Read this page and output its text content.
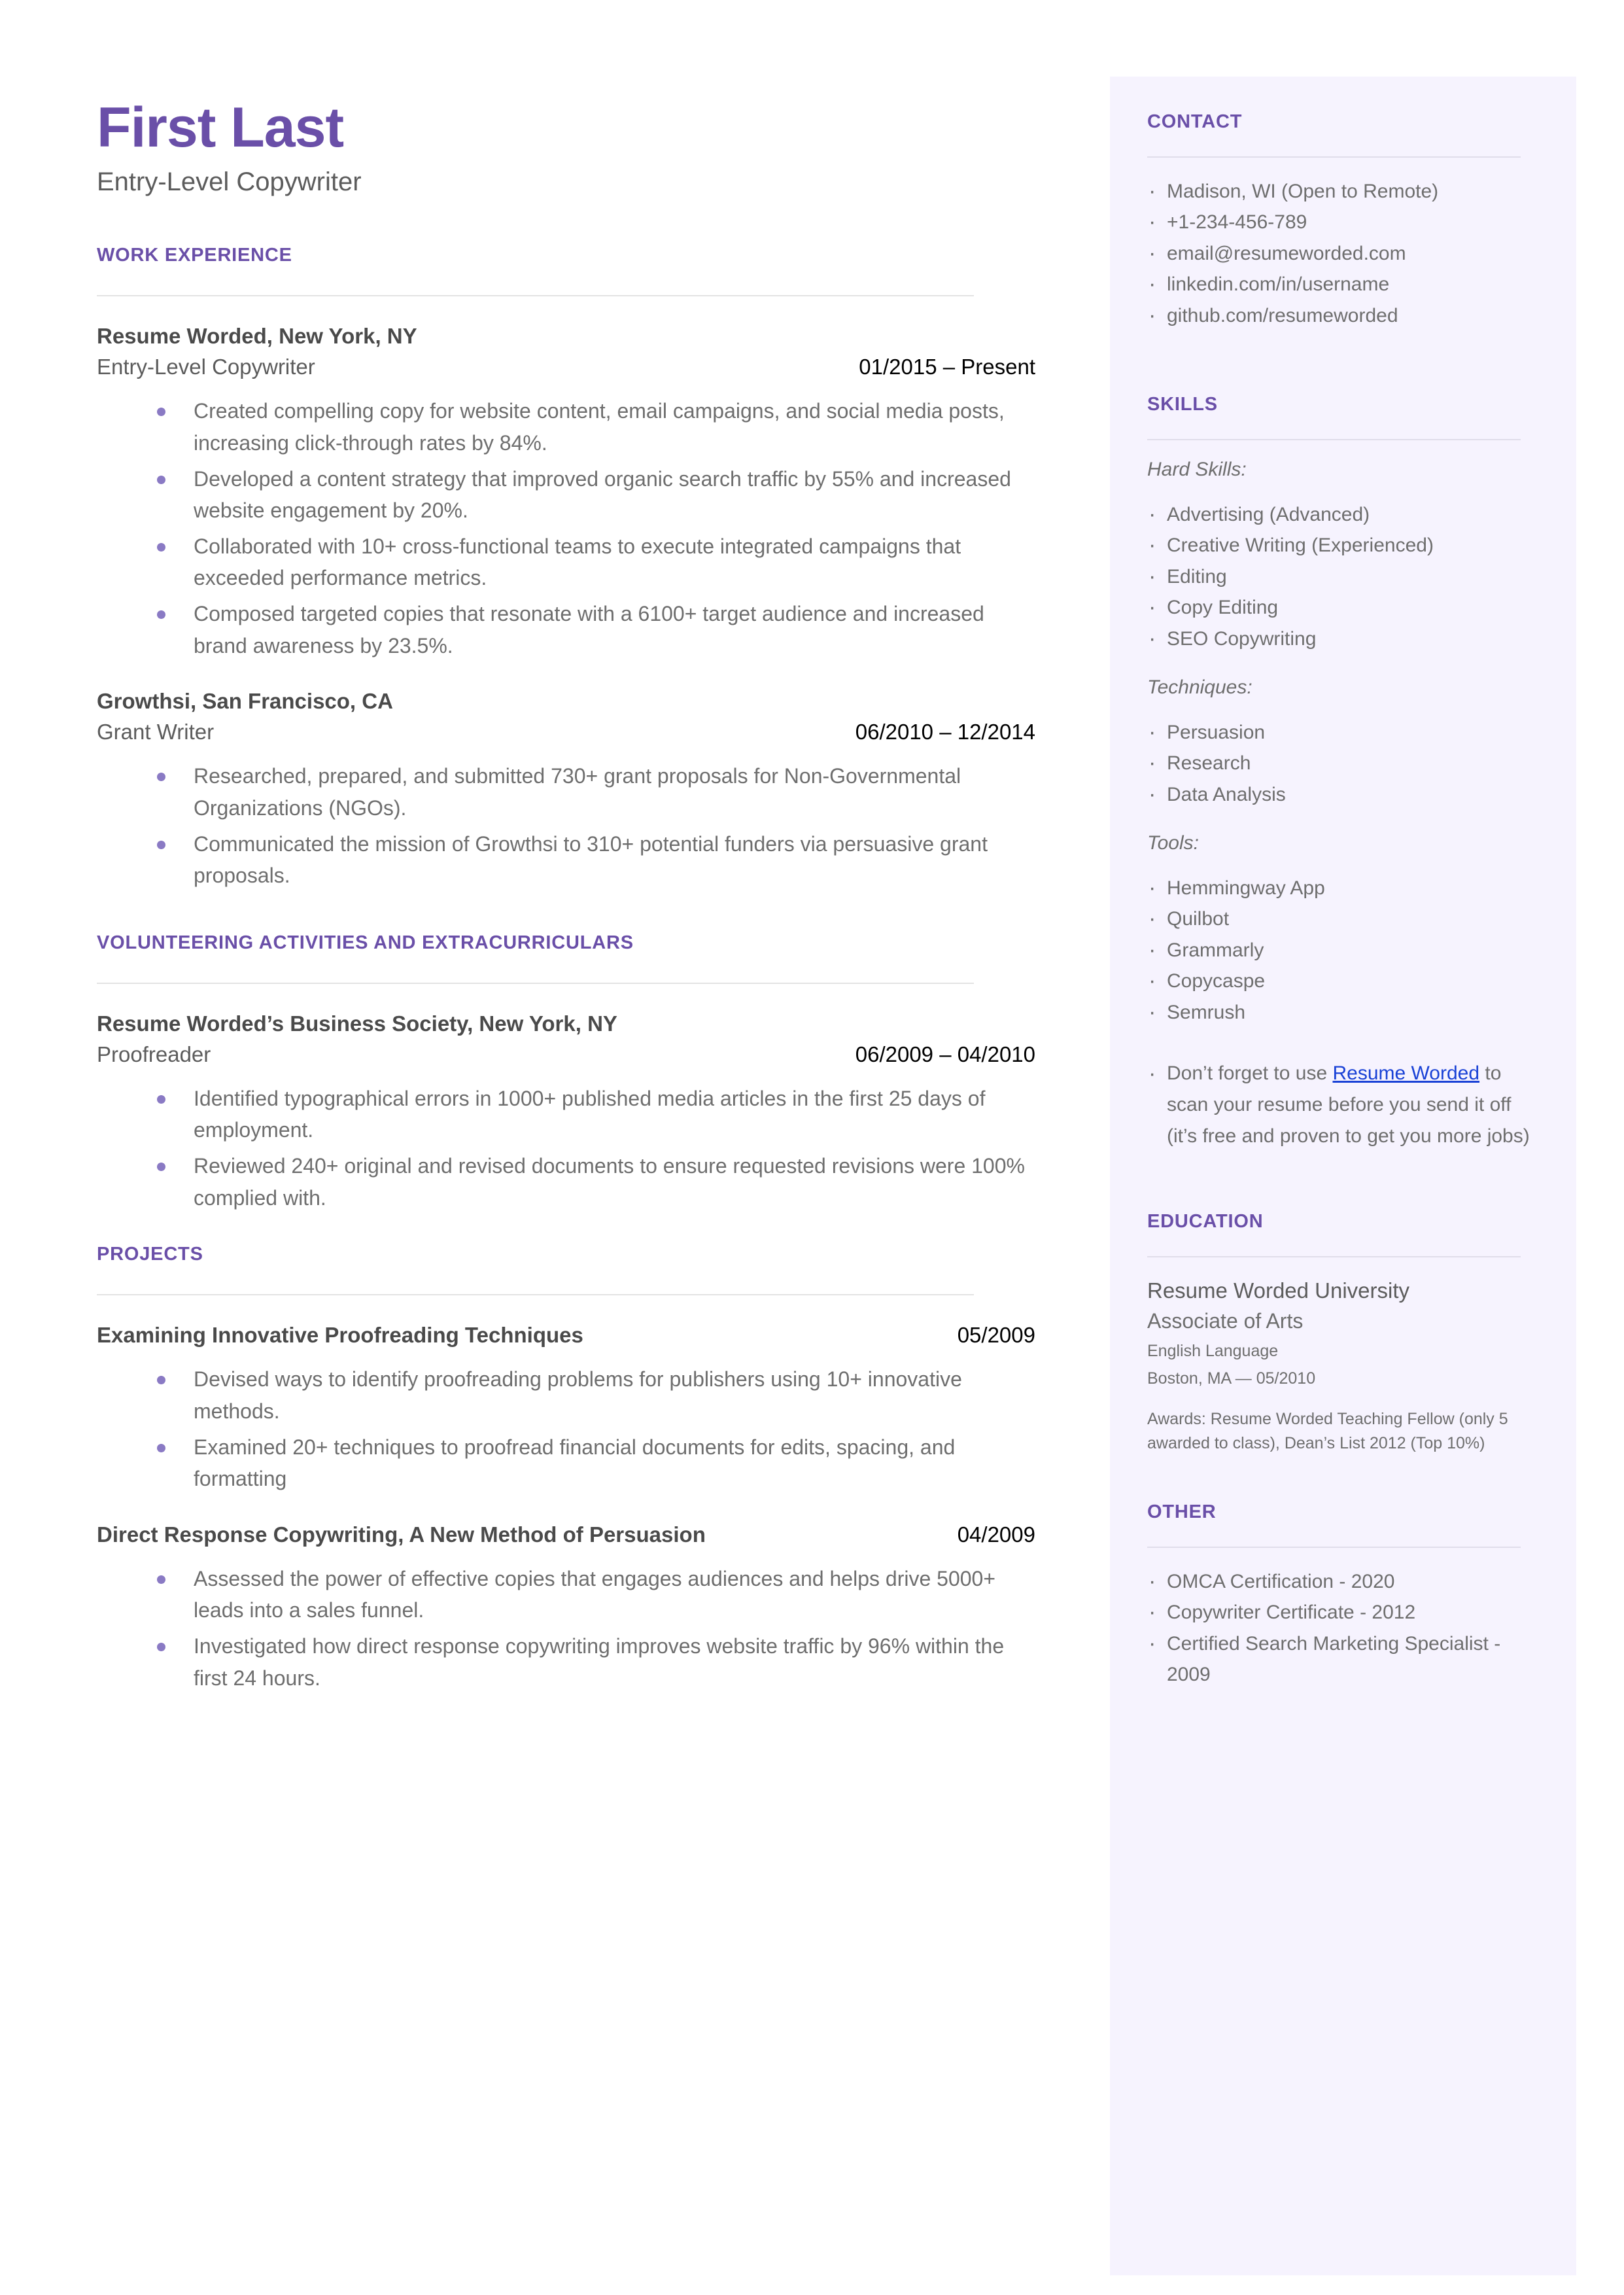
First Last
Entry-Level Copywriter
WORK EXPERIENCE
Resume Worded, New York, NY
Entry-Level Copywriter	01/2015 – Present
Created compelling copy for website content, email campaigns, and social media posts, increasing click-through rates by 84%.
Developed a content strategy that improved organic search traffic by 55% and increased website engagement by 20%.
Collaborated with 10+ cross-functional teams to execute integrated campaigns that exceeded performance metrics.
Composed targeted copies that resonate with a 6100+ target audience and increased brand awareness by 23.5%.
Growthsi, San Francisco, CA
Grant Writer	06/2010 – 12/2014
Researched, prepared, and submitted 730+ grant proposals for Non-Governmental Organizations (NGOs).
Communicated the mission of Growthsi to 310+ potential funders via persuasive grant proposals.
VOLUNTEERING ACTIVITIES AND EXTRACURRICULARS
Resume Worded’s Business Society, New York, NY
Proofreader	06/2009 – 04/2010
Identified typographical errors in 1000+ published media articles in the first 25 days of employment.
Reviewed 240+ original and revised documents to ensure requested revisions were 100% complied with.
PROJECTS
Examining Innovative Proofreading Techniques	05/2009
Devised ways to identify proofreading problems for publishers using 10+ innovative methods.
Examined 20+ techniques to proofread financial documents for edits, spacing, and formatting
Direct Response Copywriting, A New Method of Persuasion	04/2009
Assessed the power of effective copies that engages audiences and helps drive 5000+ leads into a sales funnel.
Investigated how direct response copywriting improves website traffic by 96% within the first 24 hours.
CONTACT
· Madison, WI (Open to Remote)
· +1-234-456-789
· email@resumeworded.com
· linkedin.com/in/username
· github.com/resumeworded
SKILLS
Hard Skills:
· Advertising (Advanced)
· Creative Writing (Experienced)
· Editing
· Copy Editing
· SEO Copywriting
Techniques:
· Persuasion
· Research
· Data Analysis
Tools:
· Hemmingway App
· Quilbot
· Grammarly
· Copycaspe
· Semrush
· Don’t forget to use Resume Worded to scan your resume before you send it off (it’s free and proven to get you more jobs)
EDUCATION
Resume Worded University
Associate of Arts
English Language
Boston, MA — 05/2010
Awards: Resume Worded Teaching Fellow (only 5 awarded to class), Dean’s List 2012 (Top 10%)
OTHER
· OMCA Certification - 2020
· Copywriter Certificate - 2012
· Certified Search Marketing Specialist - 2009
